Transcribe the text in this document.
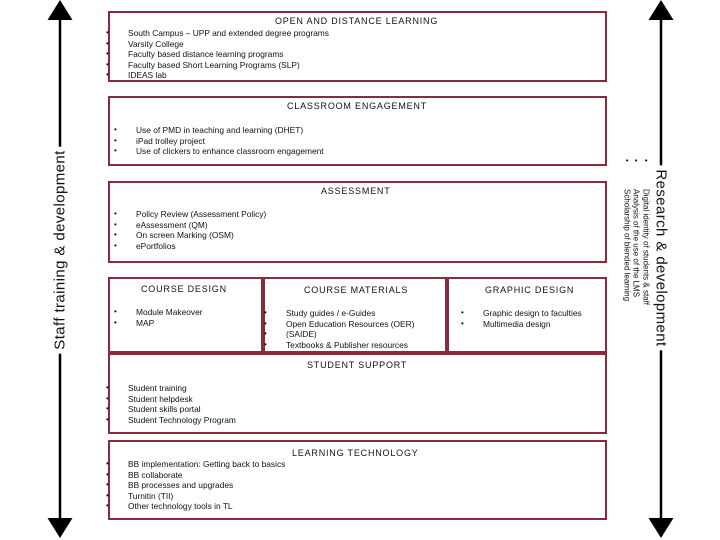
Staff training & development	Research & development
• Digital identity of students & staff
• Analysis of the use of the LMS
• Scholarship of blended learning
OPEN AND DISTANCE LEARNING
• South Campus – UPP and extended degree programs
• Varsity College
• Faculty based distance learning programs
• Faculty based Short Learning Programs (SLP)
• IDEAS lab
CLASSROOM ENGAGEMENT
• Use of PMD in teaching and learning (DHET)
• iPad trolley project
• Use of clickers to enhance classroom engagement
ASSESSMENT
• Policy Review (Assessment Policy)
• eAssessment (QM)
• On screen Marking (OSM)
• ePortfolios
COURSE DESIGN
• Module Makeover
• MAP
COURSE MATERIALS
• Study guides / e-Guides
• Open Education Resources (OER)
• (SAIDE)
• Textbooks & Publisher resources
GRAPHIC DESIGN
• Graphic design to faculties
• Multimedia design
STUDENT SUPPORT
• Student training
• Student helpdesk
• Student skills portal
• Student Technology Program
LEARNING TECHNOLOGY
• BB implementation: Getting back to basics
• BB collaborate
• BB processes and upgrades
• Turnitin (TII)
• Other technology tools in TL
